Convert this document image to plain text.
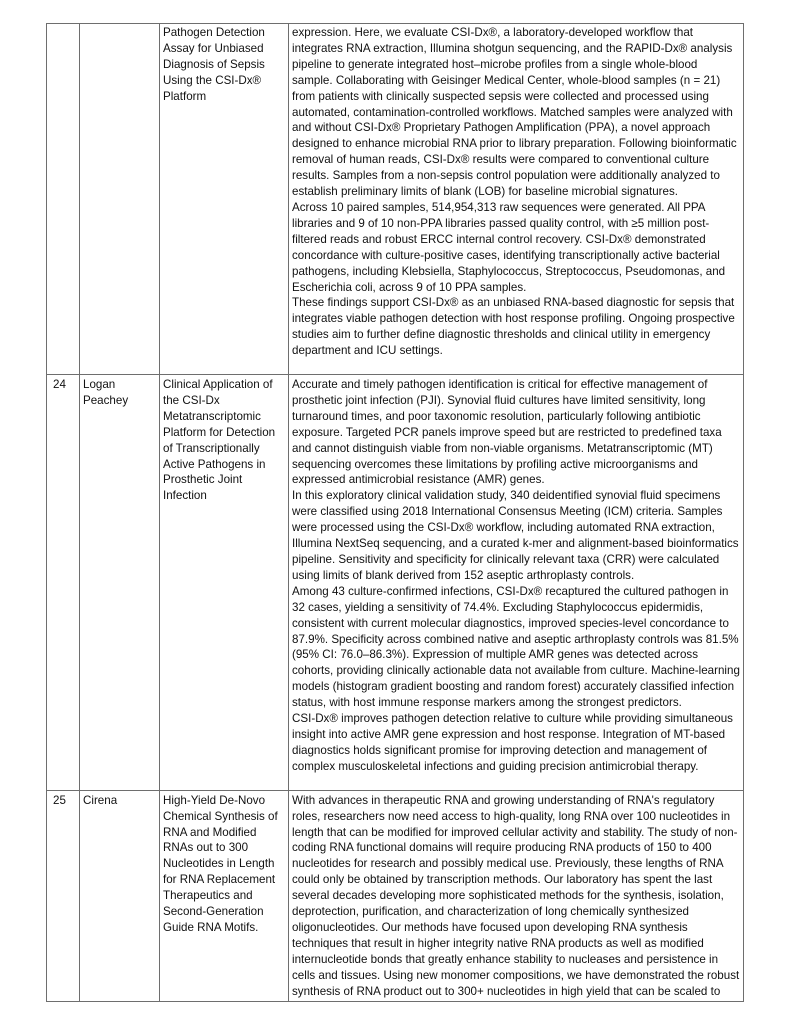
		Pathogen Detection Assay for Unbiased Diagnosis of Sepsis Using the CSI-Dx® Platform	expression. Here, we evaluate CSI-Dx®, a laboratory-developed workflow that integrates RNA extraction, Illumina shotgun sequencing, and the RAPID-Dx® analysis pipeline to generate integrated host–microbe profiles from a single whole-blood sample. Collaborating with Geisinger Medical Center, whole-blood samples (n = 21) from patients with clinically suspected sepsis were collected and processed using automated, contamination-controlled workflows. Matched samples were analyzed with and without CSI-Dx® Proprietary Pathogen Amplification (PPA), a novel approach designed to enhance microbial RNA prior to library preparation. Following bioinformatic removal of human reads, CSI-Dx® results were compared to conventional culture results. Samples from a non-sepsis control population were additionally analyzed to establish preliminary limits of blank (LOB) for baseline microbial signatures.
Across 10 paired samples, 514,954,313 raw sequences were generated. All PPA libraries and 9 of 10 non-PPA libraries passed quality control, with ≥5 million post-filtered reads and robust ERCC internal control recovery. CSI-Dx® demonstrated concordance with culture-positive cases, identifying transcriptionally active bacterial pathogens, including Klebsiella, Staphylococcus, Streptococcus, Pseudomonas, and Escherichia coli, across 9 of 10 PPA samples.
These findings support CSI-Dx® as an unbiased RNA-based diagnostic for sepsis that integrates viable pathogen detection with host response profiling. Ongoing prospective studies aim to further define diagnostic thresholds and clinical utility in emergency department and ICU settings.

24	Logan Peachey	Clinical Application of the CSI-Dx Metatranscriptomic Platform for Detection of Transcriptionally Active Pathogens in Prosthetic Joint Infection	Accurate and timely pathogen identification is critical for effective management of prosthetic joint infection (PJI). Synovial fluid cultures have limited sensitivity, long turnaround times, and poor taxonomic resolution, particularly following antibiotic exposure. Targeted PCR panels improve speed but are restricted to predefined taxa and cannot distinguish viable from non-viable organisms. Metatranscriptomic (MT) sequencing overcomes these limitations by profiling active microorganisms and expressed antimicrobial resistance (AMR) genes.
In this exploratory clinical validation study, 340 deidentified synovial fluid specimens were classified using 2018 International Consensus Meeting (ICM) criteria. Samples were processed using the CSI-Dx® workflow, including automated RNA extraction, Illumina NextSeq sequencing, and a curated k-mer and alignment-based bioinformatics pipeline. Sensitivity and specificity for clinically relevant taxa (CRR) were calculated using limits of blank derived from 152 aseptic arthroplasty controls.
Among 43 culture-confirmed infections, CSI-Dx® recaptured the cultured pathogen in 32 cases, yielding a sensitivity of 74.4%. Excluding Staphylococcus epidermidis, consistent with current molecular diagnostics, improved species-level concordance to 87.9%. Specificity across combined native and aseptic arthroplasty controls was 81.5% (95% CI: 76.0–86.3%). Expression of multiple AMR genes was detected across cohorts, providing clinically actionable data not available from culture. Machine-learning models (histogram gradient boosting and random forest) accurately classified infection status, with host immune response markers among the strongest predictors.
CSI-Dx® improves pathogen detection relative to culture while providing simultaneous insight into active AMR gene expression and host response. Integration of MT-based diagnostics holds significant promise for improving detection and management of complex musculoskeletal infections and guiding precision antimicrobial therapy.

25	Cirena	High-Yield De-Novo Chemical Synthesis of RNA and Modified RNAs out to 300 Nucleotides in Length for RNA Replacement Therapeutics and Second-Generation Guide RNA Motifs.	With advances in therapeutic RNA and growing understanding of RNA's regulatory roles, researchers now need access to high-quality, long RNA over 100 nucleotides in length that can be modified for improved cellular activity and stability. The study of non-coding RNA functional domains will require producing RNA products of 150 to 400 nucleotides for research and possibly medical use. Previously, these lengths of RNA could only be obtained by transcription methods. Our laboratory has spent the last several decades developing more sophisticated methods for the synthesis, isolation, deprotection, purification, and characterization of long chemically synthesized oligonucleotides. Our methods have focused upon developing RNA synthesis techniques that result in higher integrity native RNA products as well as modified internucleotide bonds that greatly enhance stability to nucleases and persistence in cells and tissues. Using new monomer compositions, we have demonstrated the robust synthesis of RNA product out to 300+ nucleotides in high yield that can be scaled to
